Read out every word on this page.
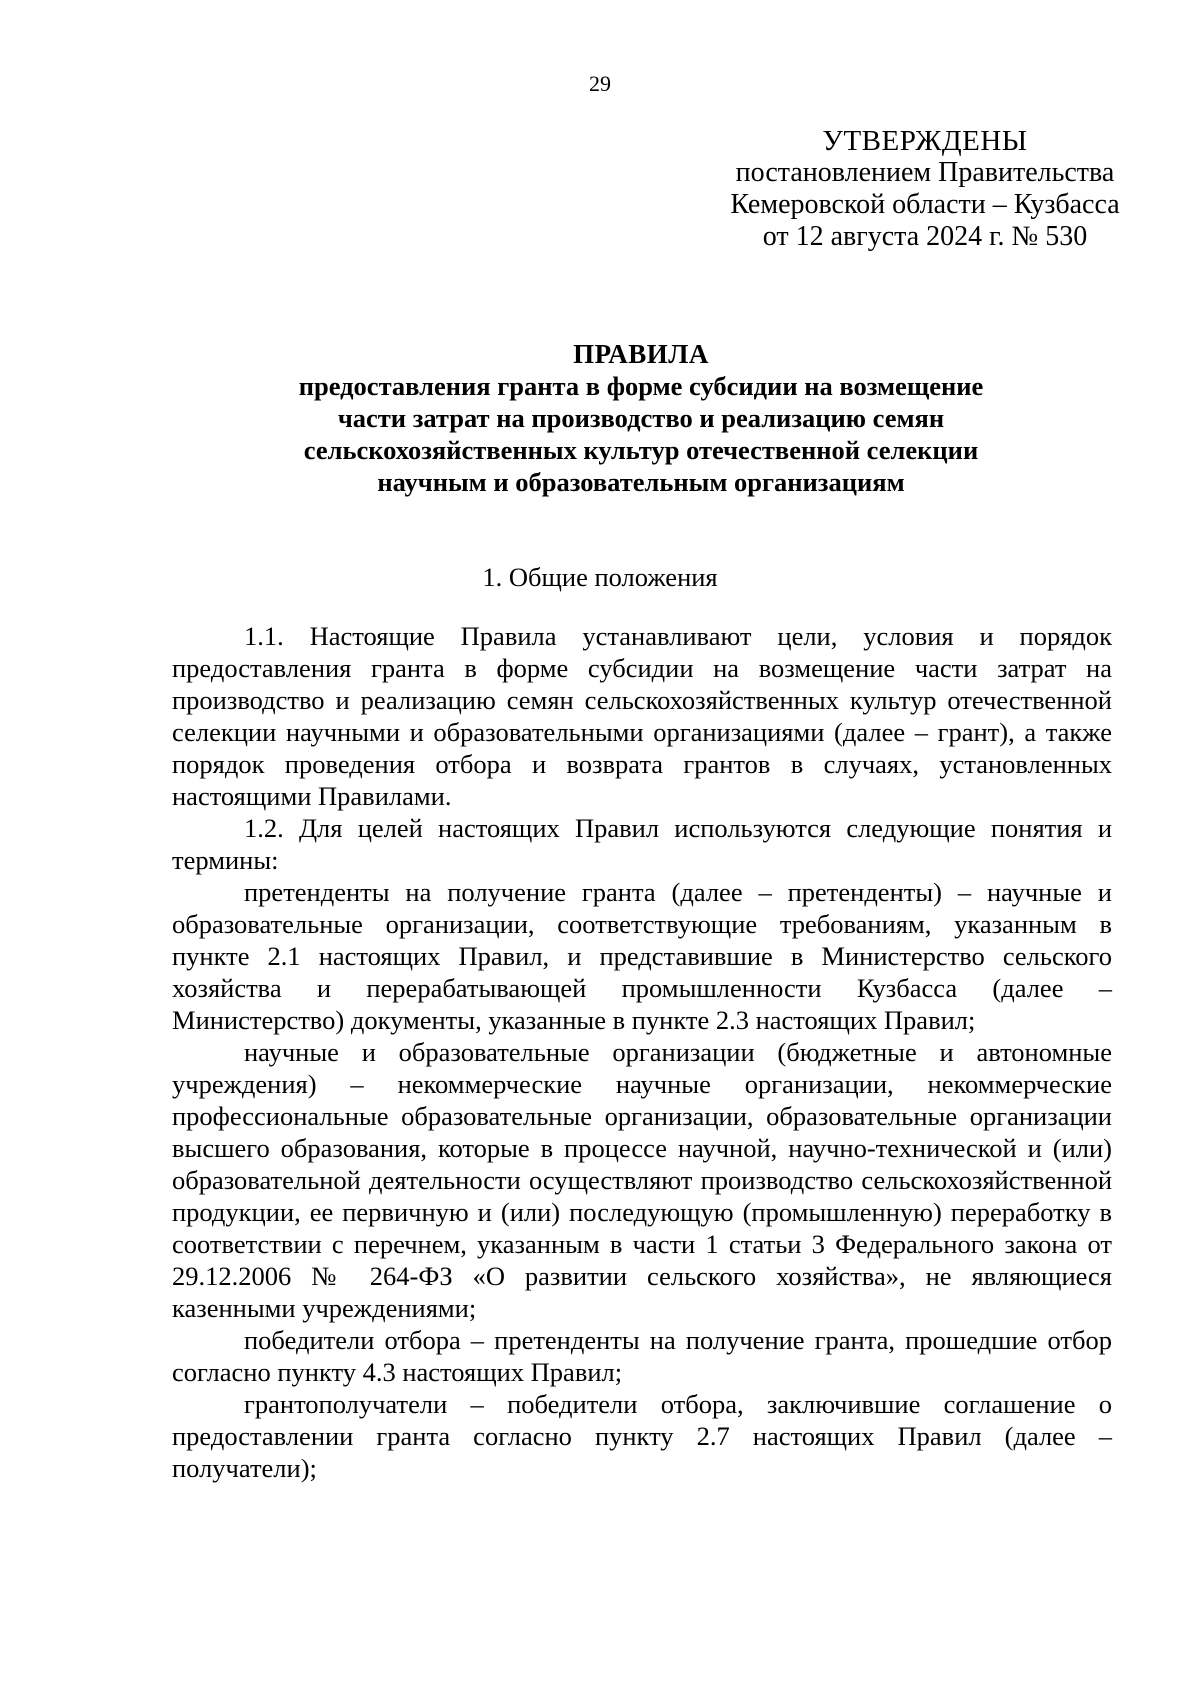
29
УТВЕРЖДЕНЫ
постановлением Правительства
Кемеровской области – Кузбасса
от 12 августа 2024 г. № 530
ПРАВИЛА
предоставления гранта в форме субсидии на возмещение
части затрат на производство и реализацию семян
сельскохозяйственных культур отечественной селекции
научным и образовательным организациям
1. Общие положения

1.1. Настоящие Правила устанавливают цели, условия и порядок предоставления гранта в форме субсидии на возмещение части затрат на производство и реализацию семян сельскохозяйственных культур отечественной селекции научными и образовательными организациями (далее – грант), а также порядок проведения отбора и возврата грантов в случаях, установленных настоящими Правилами.

1.2. Для целей настоящих Правил используются следующие понятия и термины:

претенденты на получение гранта (далее – претенденты) – научные и образовательные организации, соответствующие требованиям, указанным в пункте 2.1 настоящих Правил, и представившие в Министерство сельского хозяйства и перерабатывающей промышленности Кузбасса (далее – Министерство) документы, указанные в пункте 2.3 настоящих Правил;

научные и образовательные организации (бюджетные и автономные учреждения) – некоммерческие научные организации, некоммерческие профессиональные образовательные организации, образовательные организации высшего образования, которые в процессе научной, научно-технической и (или) образовательной деятельности осуществляют производство сельскохозяйственной продукции, ее первичную и (или) последующую (промышленную) переработку в соответствии с перечнем, указанным в части 1 статьи 3 Федерального закона от 29.12.2006 № 264-ФЗ «О развитии сельского хозяйства», не являющиеся казенными учреждениями;

победители отбора – претенденты на получение гранта, прошедшие отбор согласно пункту 4.3 настоящих Правил;

грантополучатели – победители отбора, заключившие соглашение о предоставлении гранта согласно пункту 2.7 настоящих Правил (далее – получатели);
